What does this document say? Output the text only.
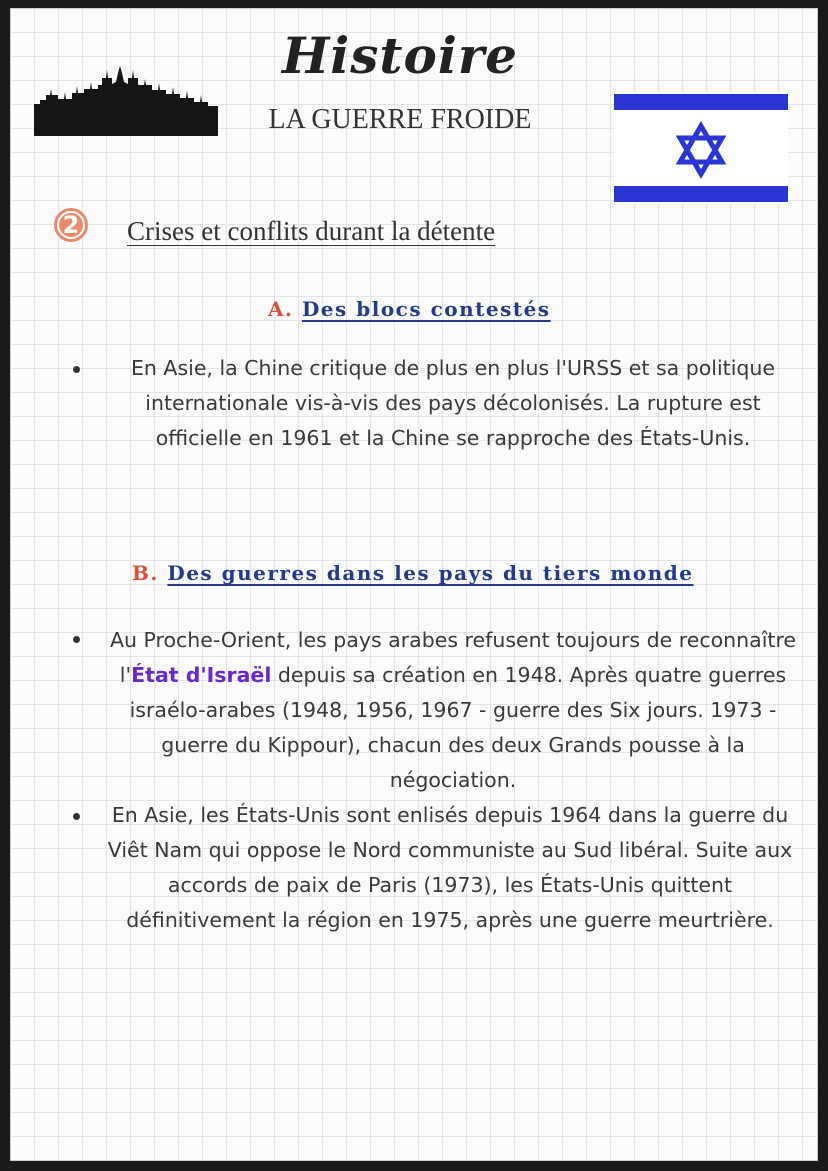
Histoire
LA GUERRE FROIDE
2	Crises et conflits durant la détente
A. Des blocs contestés

En Asie, la Chine critique de plus en plus l'URSS et sa politique internationale vis-à-vis des pays décolonisés. La rupture est officielle en 1961 et la Chine se rapproche des États-Unis.

B. Des guerres dans les pays du tiers monde

Au Proche-Orient, les pays arabes refusent toujours de reconnaître l'État d'Israël depuis sa création en 1948. Après quatre guerres israélo-arabes (1948, 1956, 1967 - guerre des Six jours. 1973 - guerre du Kippour), chacun des deux Grands pousse à la négociation.

En Asie, les États-Unis sont enlisés depuis 1964 dans la guerre du Viêt Nam qui oppose le Nord communiste au Sud libéral. Suite aux accords de paix de Paris (1973), les États-Unis quittent définitivement la région en 1975, après une guerre meurtrière.
